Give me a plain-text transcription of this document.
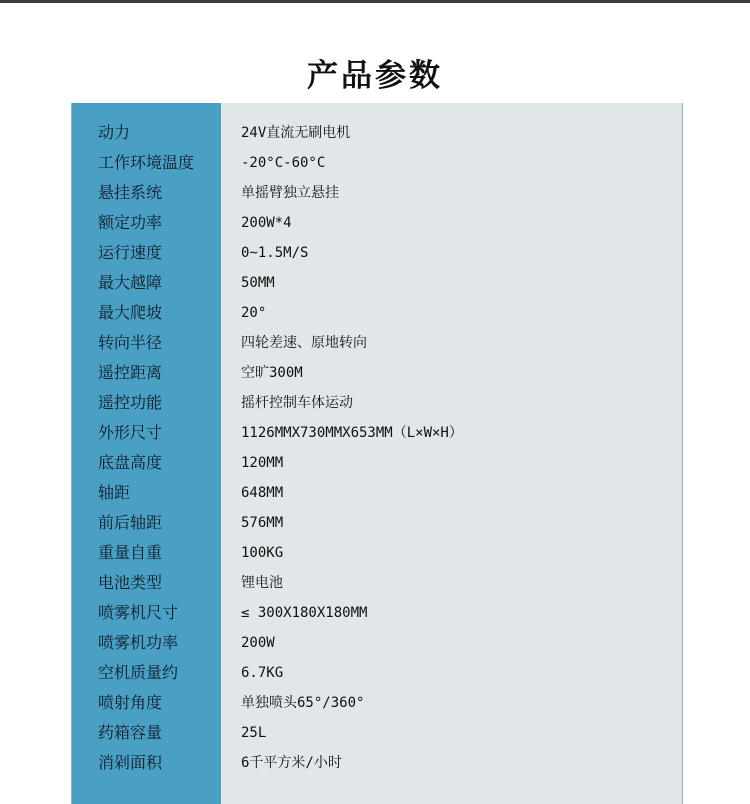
产品参数
动力	24V直流无刷电机
工作环境温度	-20°C-60°C
悬挂系统	单摇臂独立悬挂
额定功率	200W*4
运行速度	0~1.5M/S
最大越障	50MM
最大爬坡	20°
转向半径	四轮差速、原地转向
遥控距离	空旷300M
遥控功能	摇杆控制车体运动
外形尺寸	1126MMX730MMX653MM（L×W×H）
底盘高度	120MM
轴距	648MM
前后轴距	576MM
重量自重	100KG
电池类型	锂电池
喷雾机尺寸	≤ 300X180X180MM
喷雾机功率	200W
空机质量约	6.7KG
喷射角度	单独喷头65°/360°
药箱容量	25L
消剁面积	6千平方米/小时
